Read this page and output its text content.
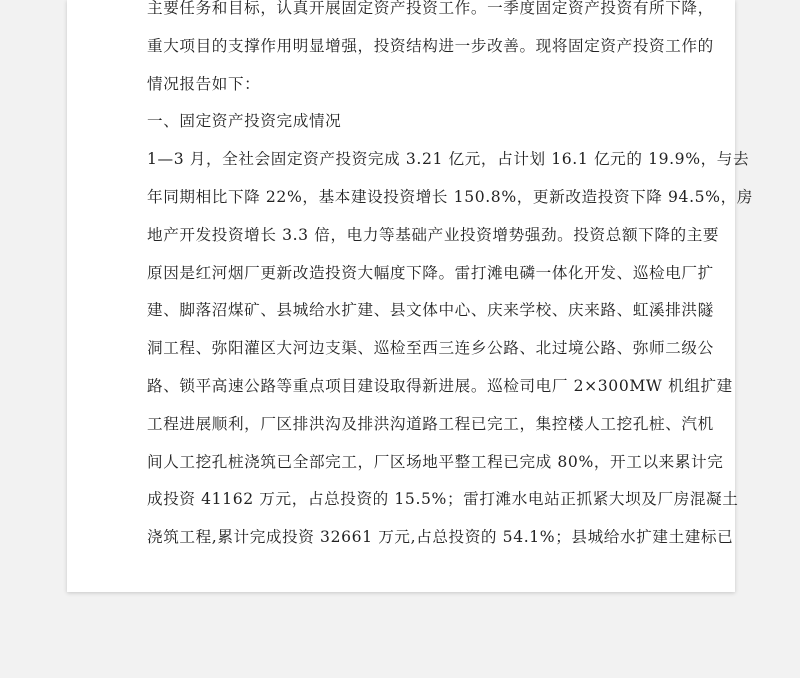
主要任务和目标，认真开展固定资产投资工作。一季度固定资产投资有所下降，
重大项目的支撑作用明显增强，投资结构进一步改善。现将固定资产投资工作的
情况报告如下：
一、固定资产投资完成情况
1—3 月，全社会固定资产投资完成 3.21 亿元，占计划 16.1 亿元的 19.9%，与去
年同期相比下降 22%，基本建设投资增长 150.8%，更新改造投资下降 94.5%，房
地产开发投资增长 3.3 倍，电力等基础产业投资增势强劲。投资总额下降的主要
原因是红河烟厂更新改造投资大幅度下降。雷打滩电磷一体化开发、巡检电厂扩
建、脚落沼煤矿、县城给水扩建、县文体中心、庆来学校、庆来路、虹溪排洪隧
洞工程、弥阳灌区大河边支渠、巡检至西三连乡公路、北过境公路、弥师二级公
路、锁平高速公路等重点项目建设取得新进展。巡检司电厂 2×300MW 机组扩建
工程进展顺利，厂区排洪沟及排洪沟道路工程已完工，集控楼人工挖孔桩、汽机
间人工挖孔桩浇筑已全部完工，厂区场地平整工程已完成 80%，开工以来累计完
成投资 41162 万元，占总投资的 15.5%；雷打滩水电站正抓紧大坝及厂房混凝土
浇筑工程,累计完成投资 32661 万元,占总投资的 54.1%；县城给水扩建土建标已
